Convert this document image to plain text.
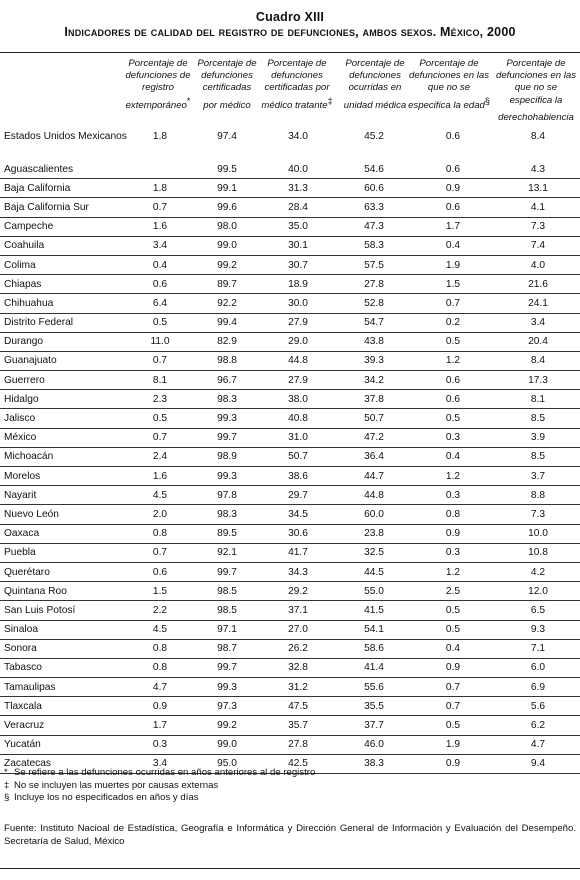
Cuadro XIII
Indicadores de calidad del registro de defunciones, ambos sexos. México, 2000
Porcentaje de defunciones de registro extemporáneo*
Porcentaje de defunciones certificadas por médico
Porcentaje de defunciones certificadas por médico tratante‡
Porcentaje de defunciones ocurridas en unidad médica
Porcentaje de defunciones en las que no se especifica la edad§
Porcentaje de defunciones en las que no se especifica la derechohabiencia
Estados Unidos Mexicanos	1.8	97.4	34.0	45.2	0.6	8.4

Aguascalientes		99.5	40.0	54.6	0.6	4.3
Baja California	1.8	99.1	31.3	60.6	0.9	13.1
Baja California Sur	0.7	99.6	28.4	63.3	0.6	4.1
Campeche	1.6	98.0	35.0	47.3	1.7	7.3
Coahuila	3.4	99.0	30.1	58.3	0.4	7.4
Colima	0.4	99.2	30.7	57.5	1.9	4.0
Chiapas	0.6	89.7	18.9	27.8	1.5	21.6
Chihuahua	6.4	92.2	30.0	52.8	0.7	24.1
Distrito Federal	0.5	99.4	27.9	54.7	0.2	3.4
Durango	11.0	82.9	29.0	43.8	0.5	20.4
Guanajuato	0.7	98.8	44.8	39.3	1.2	8.4
Guerrero	8.1	96.7	27.9	34.2	0.6	17.3
Hidalgo	2.3	98.3	38.0	37.8	0.6	8.1
Jalisco	0.5	99.3	40.8	50.7	0.5	8.5
México	0.7	99.7	31.0	47.2	0.3	3.9
Michoacán	2.4	98.9	50.7	36.4	0.4	8.5
Morelos	1.6	99.3	38.6	44.7	1.2	3.7
Nayarit	4.5	97.8	29.7	44.8	0.3	8.8
Nuevo León	2.0	98.3	34.5	60.0	0.8	7.3
Oaxaca	0.8	89.5	30.6	23.8	0.9	10.0
Puebla	0.7	92.1	41.7	32.5	0.3	10.8
Querétaro	0.6	99.7	34.3	44.5	1.2	4.2
Quintana Roo	1.5	98.5	29.2	55.0	2.5	12.0
San Luis Potosí	2.2	98.5	37.1	41.5	0.5	6.5
Sinaloa	4.5	97.1	27.0	54.1	0.5	9.3
Sonora	0.8	98.7	26.2	58.6	0.4	7.1
Tabasco	0.8	99.7	32.8	41.4	0.9	6.0
Tamaulipas	4.7	99.3	31.2	55.6	0.7	6.9
Tlaxcala	0.9	97.3	47.5	35.5	0.7	5.6
Veracruz	1.7	99.2	35.7	37.7	0.5	6.2
Yucatán	0.3	99.0	27.8	46.0	1.9	4.7
Zacatecas	3.4	95.0	42.5	38.3	0.9	9.4
* Se refiere a las defunciones ocurridas en años anteriores al de registro
‡ No se incluyen las muertes por causas externas
§ Incluye los no especificados en años y días
Fuente: Instituto Nacioal de Estadística, Geografía e Informática y Dirección General de Información y Evaluación del Desempeño. Secretaría de Salud, México
